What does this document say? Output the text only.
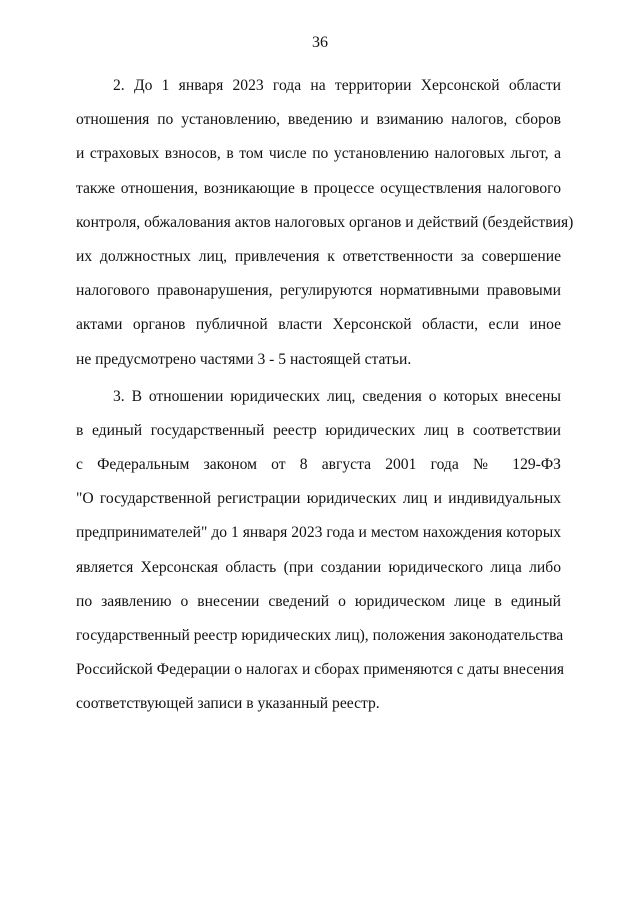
36
2. До 1 января 2023 года на территории Херсонской области
отношения по установлению, введению и взиманию налогов, сборов
и страховых взносов, в том числе по установлению налоговых льгот, а
также отношения, возникающие в процессе осуществления налогового
контроля, обжалования актов налоговых органов и действий (бездействия)
их должностных лиц, привлечения к ответственности за совершение
налогового правонарушения, регулируются нормативными правовыми
актами органов публичной власти Херсонской области, если иное
не предусмотрено частями 3 - 5 настоящей статьи.
3. В отношении юридических лиц, сведения о которых внесены
в единый государственный реестр юридических лиц в соответствии
с Федеральным законом от 8 августа 2001 года № 129-ФЗ
"О государственной регистрации юридических лиц и индивидуальных
предпринимателей" до 1 января 2023 года и местом нахождения которых
является Херсонская область (при создании юридического лица либо
по заявлению о внесении сведений о юридическом лице в единый
государственный реестр юридических лиц), положения законодательства
Российской Федерации о налогах и сборах применяются с даты внесения
соответствующей записи в указанный реестр.
